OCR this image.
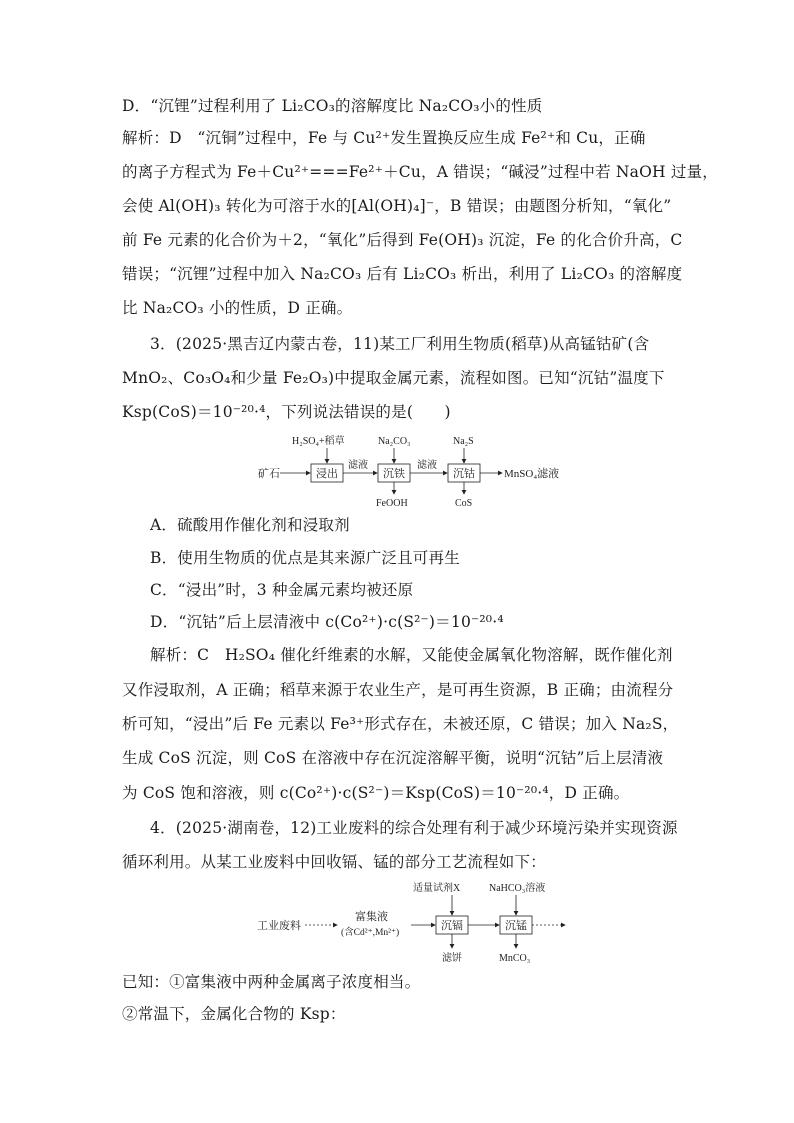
D．“沉锂”过程利用了 Li₂CO₃的溶解度比 Na₂CO₃小的性质
解析：D　“沉铜”过程中，Fe 与 Cu²⁺发生置换反应生成 Fe²⁺和 Cu，正确
的离子方程式为 Fe＋Cu²⁺===Fe²⁺＋Cu，A 错误；“碱浸”过程中若 NaOH 过量，
会使 Al(OH)₃ 转化为可溶于水的[Al(OH)₄]⁻，B 错误；由题图分析知，“氧化”
前 Fe 元素的化合价为＋2，“氧化”后得到 Fe(OH)₃ 沉淀，Fe 的化合价升高，C
错误；“沉锂”过程中加入 Na₂CO₃ 后有 Li₂CO₃ 析出，利用了 Li₂CO₃ 的溶解度
比 Na₂CO₃ 小的性质，D 正确。
3．(2025·黑吉辽内蒙古卷，11)某工厂利用生物质(稻草)从高锰钴矿(含
MnO₂、Co₃O₄和少量 Fe₂O₃)中提取金属元素，流程如图。已知“沉钴”温度下
Ksp(CoS)＝10⁻²⁰·⁴，下列说法错误的是(　　)
矿石	浸出
H₂SO₄+稻草
滤液
沉铁
Na₂CO₃
FeOOH
滤液
沉钴
Na₂S
CoS
MnSO₄滤液
A．硫酸用作催化剂和浸取剂
B．使用生物质的优点是其来源广泛且可再生
C．“浸出”时，3 种金属元素均被还原
D．“沉钴”后上层清液中 c(Co²⁺)·c(S²⁻)＝10⁻²⁰·⁴
解析：C　H₂SO₄ 催化纤维素的水解，又能使金属氧化物溶解，既作催化剂
又作浸取剂，A 正确；稻草来源于农业生产，是可再生资源，B 正确；由流程分
析可知，“浸出”后 Fe 元素以 Fe³⁺形式存在，未被还原，C 错误；加入 Na₂S，
生成 CoS 沉淀，则 CoS 在溶液中存在沉淀溶解平衡，说明“沉钴”后上层清液
为 CoS 饱和溶液，则 c(Co²⁺)·c(S²⁻)＝Ksp(CoS)＝10⁻²⁰·⁴，D 正确。
4．(2025·湖南卷，12)工业废料的综合处理有利于减少环境污染并实现资源
循环利用。从某工业废料中回收镉、锰的部分工艺流程如下：
工业废料
富集液
(含Cd²⁺,Mn²⁺)
沉镉
适量试剂X
滤饼
沉锰
NaHCO₃溶液
MnCO₃
已知：①富集液中两种金属离子浓度相当。
②常温下，金属化合物的 Ksp：
